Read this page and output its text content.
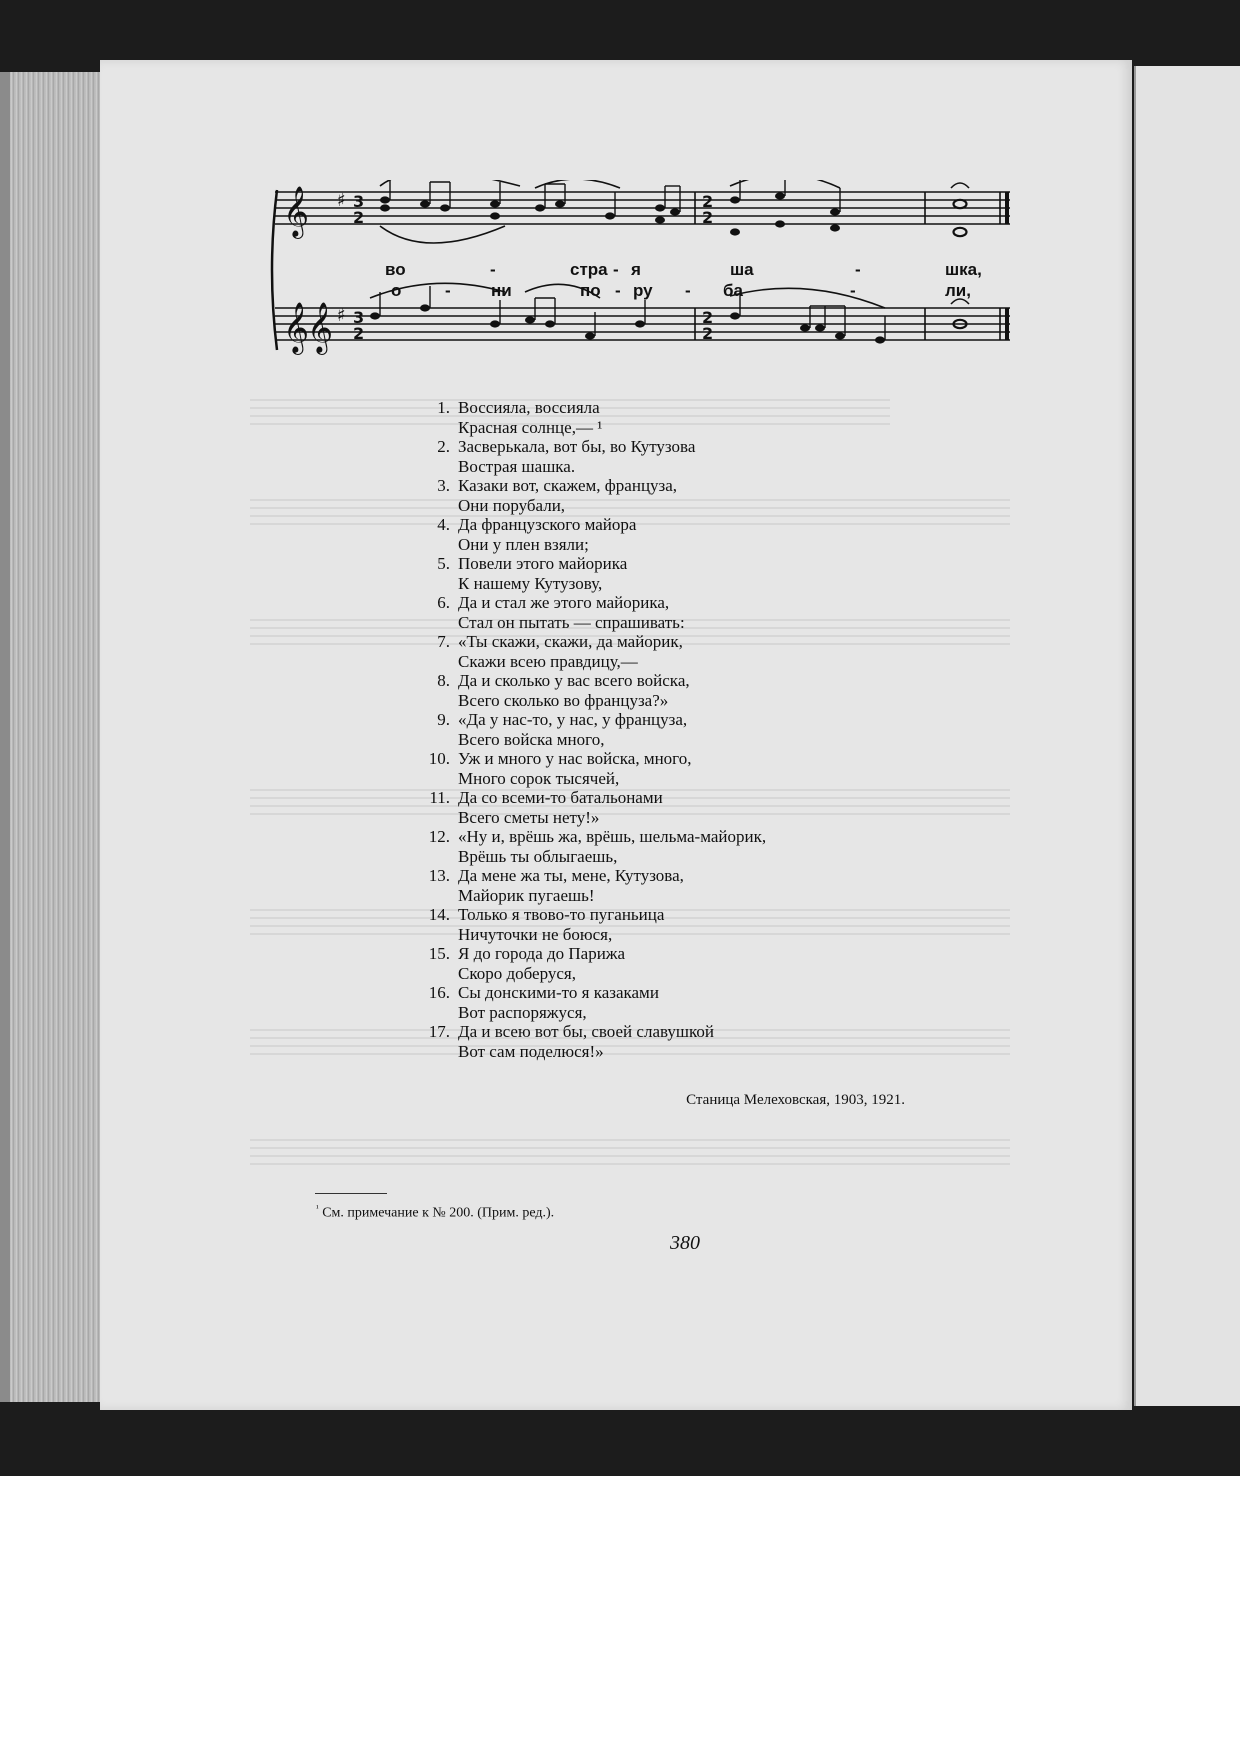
𝄞
𝄞
𝄞
♯
♯
3
2
3
2
2
2
2
2

во	-	стра - я	ша	-	шка,

о	- ни	по - ру - ба	-	ли,

1. Воссияла, воссияла
Красная солнце,— ¹
2. Засверькала, вот бы, во Кутузова
Вострая шашка.
3. Казаки вот, скажем, француза,
Они порубали,
4. Да французского майора
Они у плен взяли;
5. Повели этого майорика
К нашему Кутузову,
6. Да и стал же этого майорика,
Стал он пытать — спрашивать:
7. «Ты скажи, скажи, да майорик,
Скажи всею правдицу,—
8. Да и сколько у вас всего войска,
Всего сколько во француза?»
9. «Да у нас-то, у нас, у француза,
Всего войска много,
10. Уж и много у нас войска, много,
Много сорок тысячей,
11. Да со всеми-то батальонами
Всего сметы нету!»
12. «Ну и, врёшь жа, врёшь, шельма-майорик,
Врёшь ты облыгаешь,
13. Да мене жа ты, мене, Кутузова,
Майорик пугаешь!
14. Только я твово-то пуганьица
Ничуточки не боюся,
15. Я до города до Парижа
Скоро доберуся,
16. Сы донскими-то я казаками
Вот распоряжуся,
17. Да и всею вот бы, своей славушкой
Вот сам поделюся!»

Станица Мелеховская, 1903, 1921.

$^{^1}$ См. примечание к № 200. (Прим. ред.).

380
